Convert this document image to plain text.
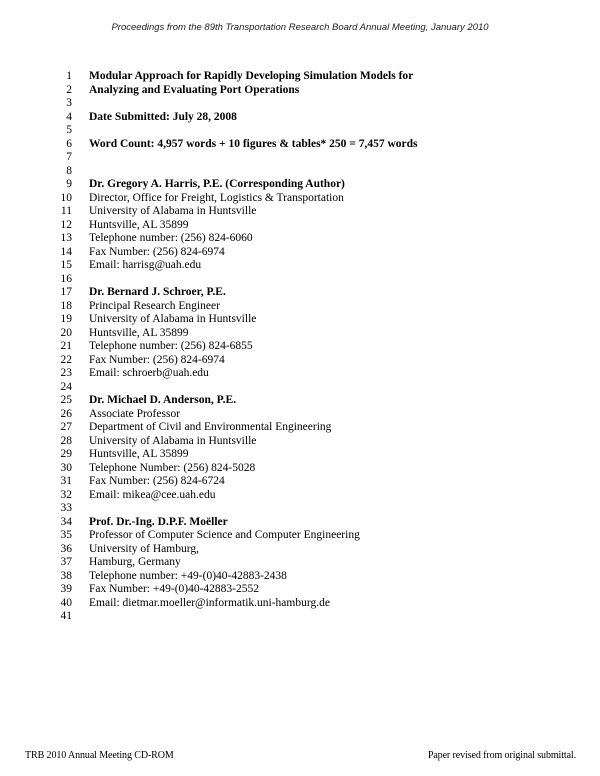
Proceedings from the 89th Transportation Research Board Annual Meeting, January 2010
1 Modular Approach for Rapidly Developing Simulation Models for
2 Analyzing and Evaluating Port Operations
3
4 Date Submitted: July 28, 2008
5
6 Word Count: 4,957 words + 10 figures & tables* 250 = 7,457 words
7
8
9 Dr. Gregory A. Harris, P.E. (Corresponding Author)
10 Director, Office for Freight, Logistics & Transportation
11 University of Alabama in Huntsville
12 Huntsville, AL 35899
13 Telephone number: (256) 824-6060
14 Fax Number: (256) 824-6974
15 Email: harrisg@uah.edu
16
17 Dr. Bernard J. Schroer, P.E.
18 Principal Research Engineer
19 University of Alabama in Huntsville
20 Huntsville, AL 35899
21 Telephone number: (256) 824-6855
22 Fax Number: (256) 824-6974
23 Email: schroerb@uah.edu
24
25 Dr. Michael D. Anderson, P.E.
26 Associate Professor
27 Department of Civil and Environmental Engineering
28 University of Alabama in Huntsville
29 Huntsville, AL 35899
30 Telephone Number: (256) 824-5028
31 Fax Number: (256) 824-6724
32 Email: mikea@cee.uah.edu
33
34 Prof. Dr.-Ing. D.P.F. Moëller
35 Professor of Computer Science and Computer Engineering
36 University of Hamburg,
37 Hamburg, Germany
38 Telephone number: +49-(0)40-42883-2438
39 Fax Number: +49-(0)40-42883-2552
40 Email: dietmar.moeller@informatik.uni-hamburg.de
41
TRB 2010 Annual Meeting CD-ROM	Paper revised from original submittal.
